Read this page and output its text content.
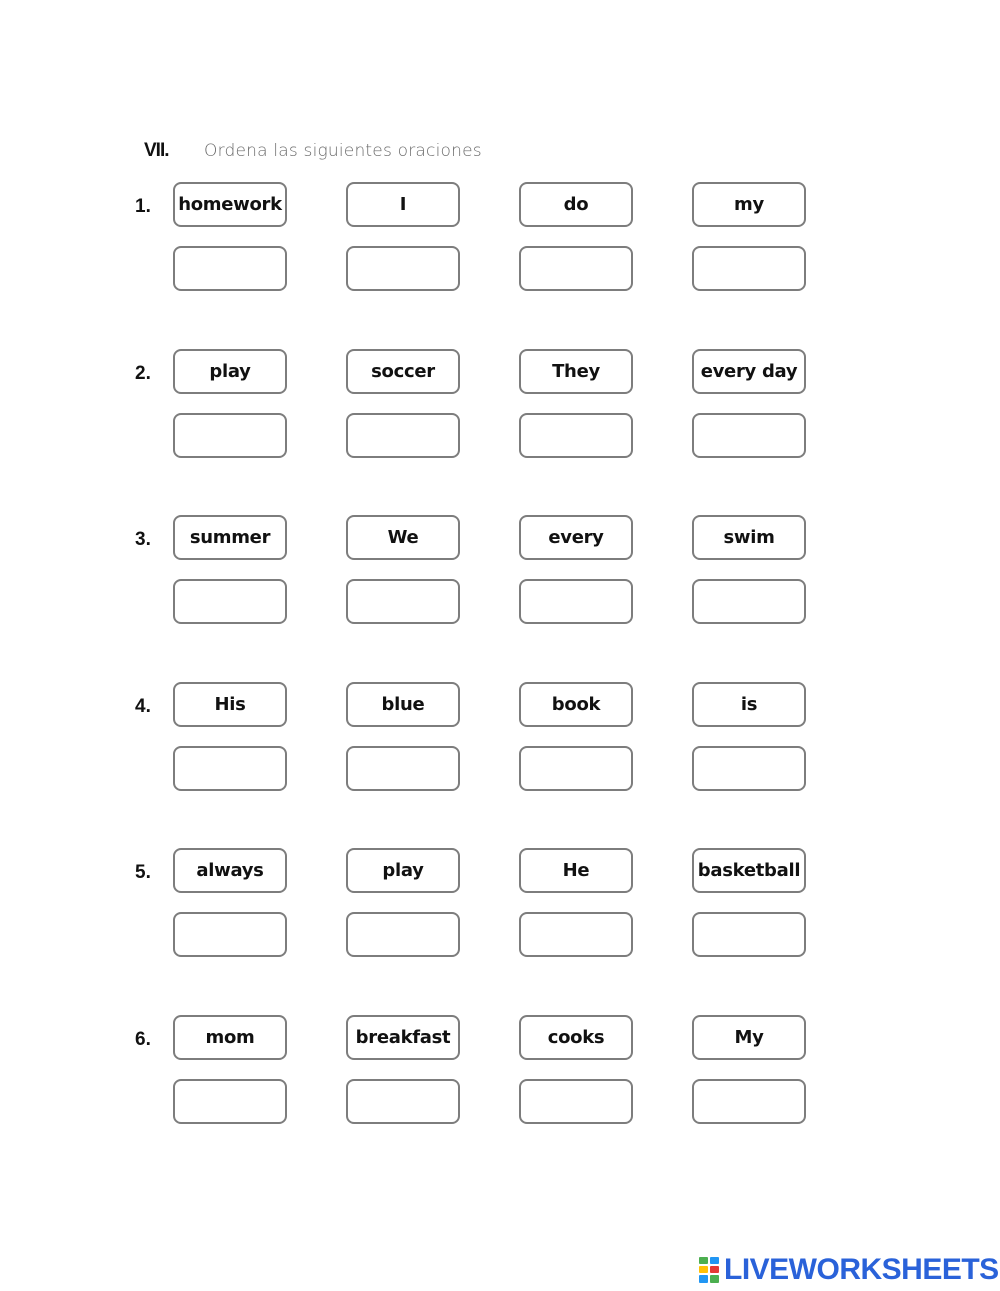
VII.	Ordena las siguientes oraciones
1. homework	I	do	my
2.	play	soccer	They	every day
3. summer	We	every	swim
4.	His	blue	book	is
5.	always	play	He	basketball
6.	mom	breakfast	cooks	My
LIVEWORKSHEETS
